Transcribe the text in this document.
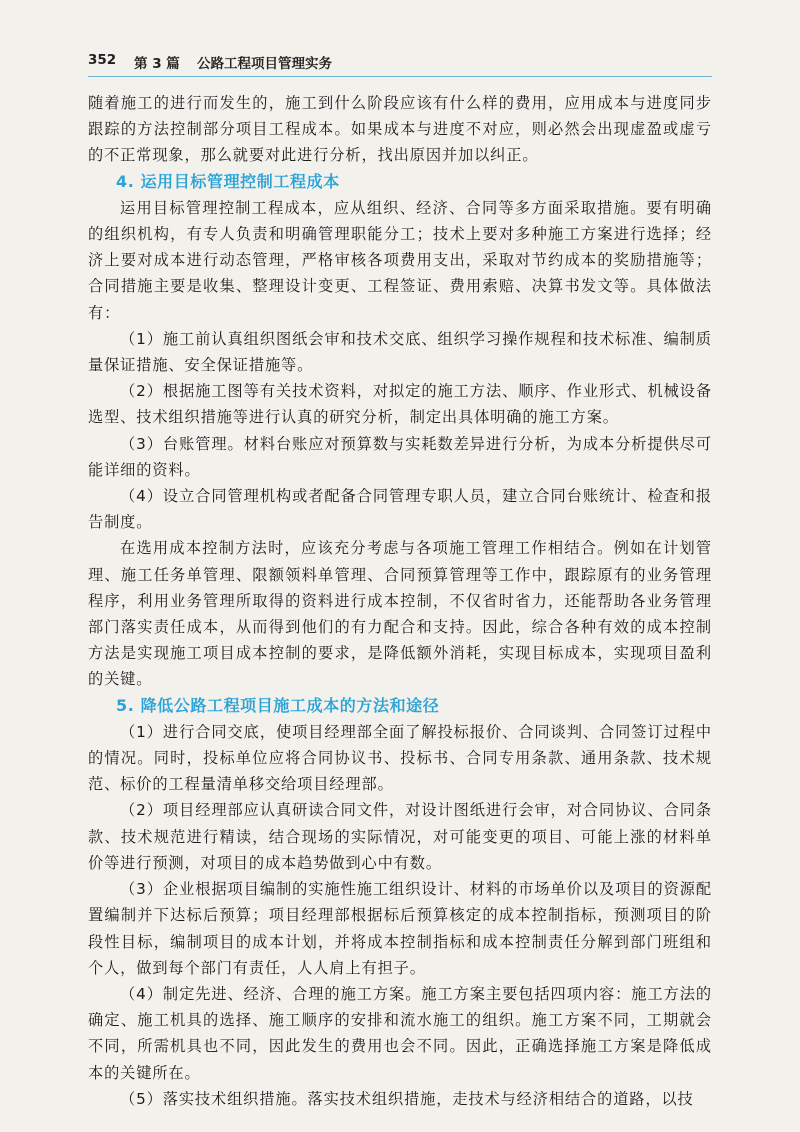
352 第 3 篇 公路工程项目管理实务

随着施工的进行而发生的，施工到什么阶段应该有什么样的费用，应用成本与进度同步跟踪的方法控制部分项目工程成本。如果成本与进度不对应，则必然会出现虚盈或虚亏的不正常现象，那么就要对此进行分析，找出原因并加以纠正。

4. 运用目标管理控制工程成本

运用目标管理控制工程成本，应从组织、经济、合同等多方面采取措施。要有明确的组织机构，有专人负责和明确管理职能分工；技术上要对多种施工方案进行选择；经济上要对成本进行动态管理，严格审核各项费用支出，采取对节约成本的奖励措施等；合同措施主要是收集、整理设计变更、工程签证、费用索赔、决算书发文等。具体做法有：

（1）施工前认真组织图纸会审和技术交底、组织学习操作规程和技术标准、编制质量保证措施、安全保证措施等。

（2）根据施工图等有关技术资料，对拟定的施工方法、顺序、作业形式、机械设备选型、技术组织措施等进行认真的研究分析，制定出具体明确的施工方案。

（3）台账管理。材料台账应对预算数与实耗数差异进行分析，为成本分析提供尽可能详细的资料。

（4）设立合同管理机构或者配备合同管理专职人员，建立合同台账统计、检查和报告制度。

在选用成本控制方法时，应该充分考虑与各项施工管理工作相结合。例如在计划管理、施工任务单管理、限额领料单管理、合同预算管理等工作中，跟踪原有的业务管理程序，利用业务管理所取得的资料进行成本控制，不仅省时省力，还能帮助各业务管理部门落实责任成本，从而得到他们的有力配合和支持。因此，综合各种有效的成本控制方法是实现施工项目成本控制的要求，是降低额外消耗，实现目标成本，实现项目盈利的关键。

5. 降低公路工程项目施工成本的方法和途径

（1）进行合同交底，使项目经理部全面了解投标报价、合同谈判、合同签订过程中的情况。同时，投标单位应将合同协议书、投标书、合同专用条款、通用条款、技术规范、标价的工程量清单移交给项目经理部。

（2）项目经理部应认真研读合同文件，对设计图纸进行会审，对合同协议、合同条款、技术规范进行精读，结合现场的实际情况，对可能变更的项目、可能上涨的材料单价等进行预测，对项目的成本趋势做到心中有数。

（3）企业根据项目编制的实施性施工组织设计、材料的市场单价以及项目的资源配置编制并下达标后预算；项目经理部根据标后预算核定的成本控制指标，预测项目的阶段性目标，编制项目的成本计划，并将成本控制指标和成本控制责任分解到部门班组和个人，做到每个部门有责任，人人肩上有担子。

（4）制定先进、经济、合理的施工方案。施工方案主要包括四项内容：施工方法的确定、施工机具的选择、施工顺序的安排和流水施工的组织。施工方案不同，工期就会不同，所需机具也不同，因此发生的费用也会不同。因此，正确选择施工方案是降低成本的关键所在。

（5）落实技术组织措施。落实技术组织措施，走技术与经济相结合的道路，以技
